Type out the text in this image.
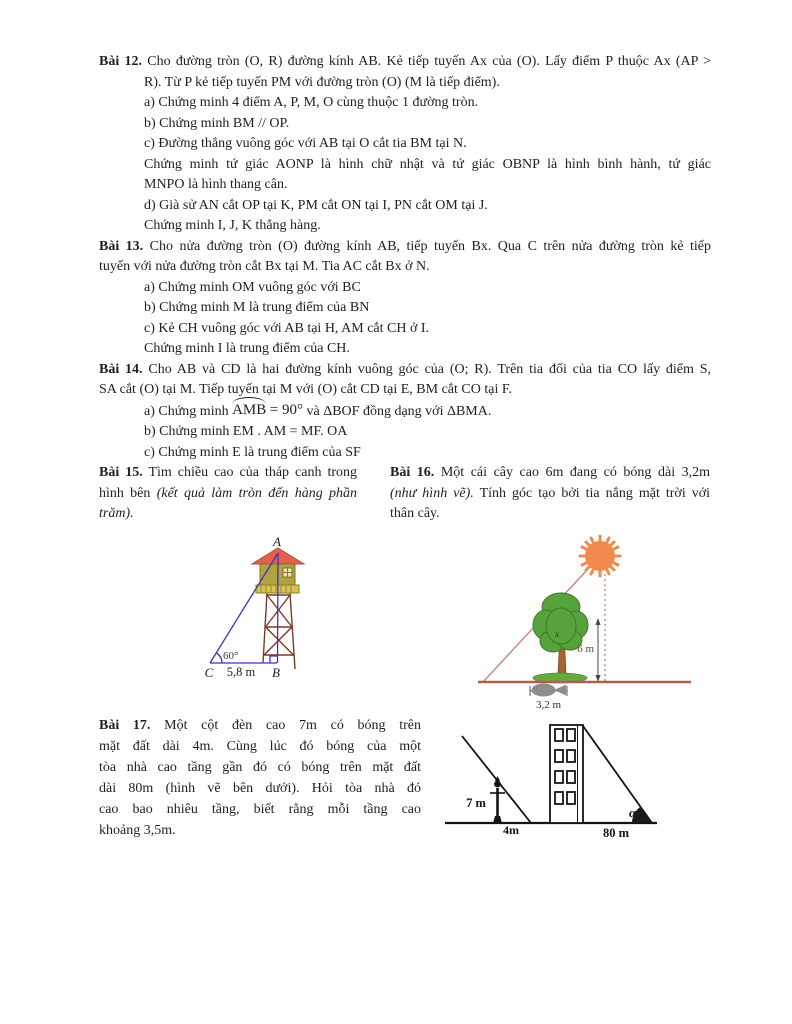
Bài 12. Cho đường tròn (O, R) đường kính AB. Kẻ tiếp tuyến Ax của (O). Lấy điểm P thuộc Ax (AP >
R). Từ P kẻ tiếp tuyến PM với đường tròn (O) (M là tiếp điểm).
a) Chứng minh 4 điểm A, P, M, O cùng thuộc 1 đường tròn.
b) Chứng minh BM // OP.
c) Đường thẳng vuông góc với AB tại O cắt tia BM tại N.
Chứng minh tứ giác AONP là hình chữ nhật và tứ giác OBNP là hình bình hành, tứ giác
MNPO là hình thang cân.
d) Già sử AN cắt OP tại K, PM cắt ON tại I, PN cắt OM tại J.
Chứng minh I, J, K thẳng hàng.
Bài 13. Cho nửa đường tròn (O) đường kính AB, tiếp tuyến Bx. Qua C trên nửa đường tròn kẻ tiếp
tuyến với nửa đường tròn cắt Bx tại M. Tia AC cắt Bx ở N.
a) Chứng minh OM vuông góc với BC
b) Chứng minh M là trung điểm của BN
c) Kẻ CH vuông góc với AB tại H, AM cắt CH ở I.
Chứng minh I là trung điểm của CH.
Bài 14. Cho AB và CD là hai đường kính vuông góc của (O; R). Trên tia đối của tia CO lấy điểm S,
SA cắt (O) tại M. Tiếp tuyến tại M với (O) cắt CD tại E, BM cắt CO tại F.
a) Chứng minh AMB = 90° và ΔBOF đồng dạng với ΔBMA.
b) Chứng minh EM . AM = MF. OA
c) Chứng minh E là trung điểm của SF
Bài 15. Tìm chiều cao của tháp canh trong
hình bên (kết quả làm tròn đến hàng phần
trăm).
Bài 16. Một cái cây cao 6m đang có bóng dài 3,2m
(như hình vẽ). Tính góc tạo bởi tia nắng mặt trời với
thân cây.
Bài 17. Một cột đèn cao 7m có bóng trên
mặt đất dài 4m. Cùng lúc đó bóng của một
tòa nhà cao tầng gần đó có bóng trên mặt đất
dài 80m (hình vẽ bên dưới). Hỏi tòa nhà đó
cao bao nhiêu tầng, biết rằng mỗi tầng cao
khoảng 3,5m.
A
60°
C 5,8 m B
x
6 m
3,2 m
7 m
4m
α
80 m
